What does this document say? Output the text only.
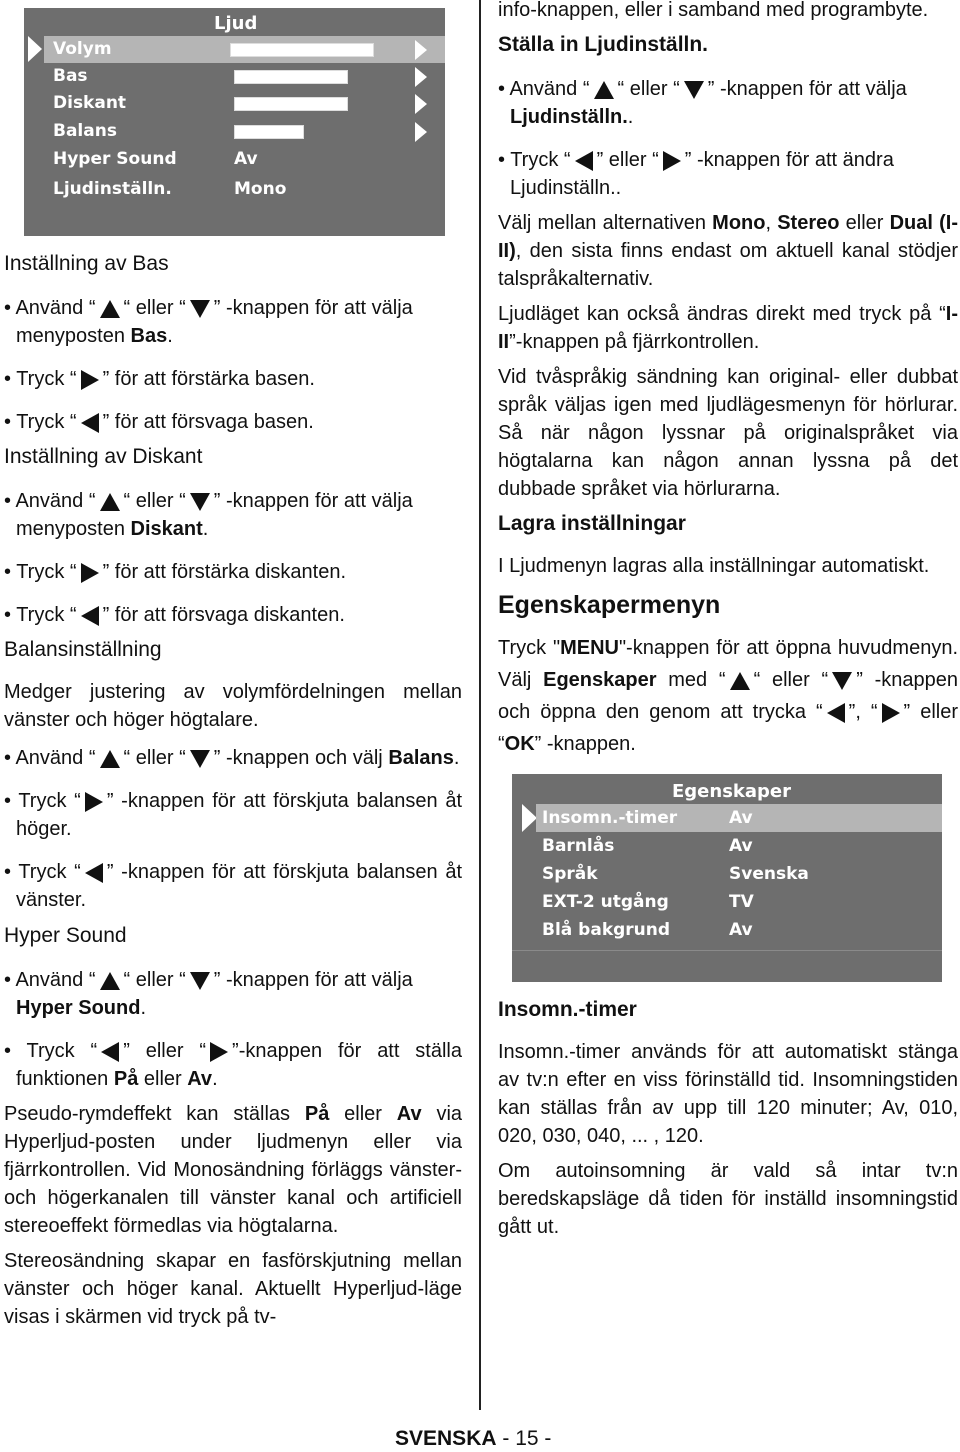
Ljud
Volym
Bas
Diskant
Balans
Hyper Sound	Av
Ljudinställn.	Mono
Inställning av Bas

• Använd “ “ eller “ ” -knappen för att välja menyposten Bas.

• Tryck “ ” för att förstärka basen.

• Tryck “ ” för att försvaga basen.

Inställning av Diskant

• Använd “ “ eller “ ” -knappen för att välja menyposten Diskant.

• Tryck “ ” för att förstärka diskanten.

• Tryck “ ” för att försvaga diskanten.

Balansinställning

Medger justering av volymfördelningen mellan vänster och höger högtalare.

• Använd “ “ eller “ ” -knappen och välj Balans.

• Tryck “ ” -knappen för att förskjuta balansen åt höger.

• Tryck “ ” -knappen för att förskjuta balansen åt vänster.

Hyper Sound

• Använd “ “ eller “ ” -knappen för att välja Hyper Sound.

• Tryck “ ” eller “ ”-knappen för att ställa funktionen På eller Av.

Pseudo-rymdeffekt kan ställas På eller Av via Hyperljud-posten under ljudmenyn eller via fjärrkontrollen. Vid Monosändning förläggs vänster- och högerkanalen till vänster kanal och artificiell stereoeffekt förmedlas via högtalarna.

Stereosändning skapar en fasförskjutning mellan vänster och höger kanal. Aktuellt Hyperljud-läge visas i skärmen vid tryck på tv-

info-knappen, eller i samband med programbyte.

Ställa in Ljudinställn.

• Använd “ “ eller “ ” -knappen för att välja Ljudinställn..

• Tryck “ ” eller “ ” -knappen för att ändra Ljudinställn..

Välj mellan alternativen Mono, Stereo eller Dual (I-II), den sista finns endast om aktuell kanal stödjer talspråkalternativ.

Ljudläget kan också ändras direkt med tryck på “I-II”-knappen på fjärrkontrollen.

Vid tvåspråkig sändning kan original- eller dubbat språk väljas igen med ljudlägesmenyn för hörlurar. Så när någon lyssnar på originalspråket via högtalarna kan någon annan lyssna på det dubbade språket via hörlurarna.

Lagra inställningar

I Ljudmenyn lagras alla inställningar automatiskt.

Egenskapermenyn

Tryck "MENU"-knappen för att öppna huvudmenyn. Välj Egenskaper med “ “ eller “ ” -knappen och öppna den genom att trycka “ ”, “ ” eller “OK” -knappen.

Egenskaper
Insomn.-timer	Av
Barnlås	Av
Språk	Svenska
EXT-2 utgång	TV
Blå bakgrund	Av
Insomn.-timer

Insomn.-timer används för att automatiskt stänga av tv:n efter en viss förinställd tid. Insomningstiden kan ställas från av upp till 120 minuter; Av, 010, 020, 030, 040, ... , 120.

Om autoinsomning är vald så intar tv:n beredskapsläge då tiden för inställd insomningstid gått ut.

SVENSKA - 15 -
